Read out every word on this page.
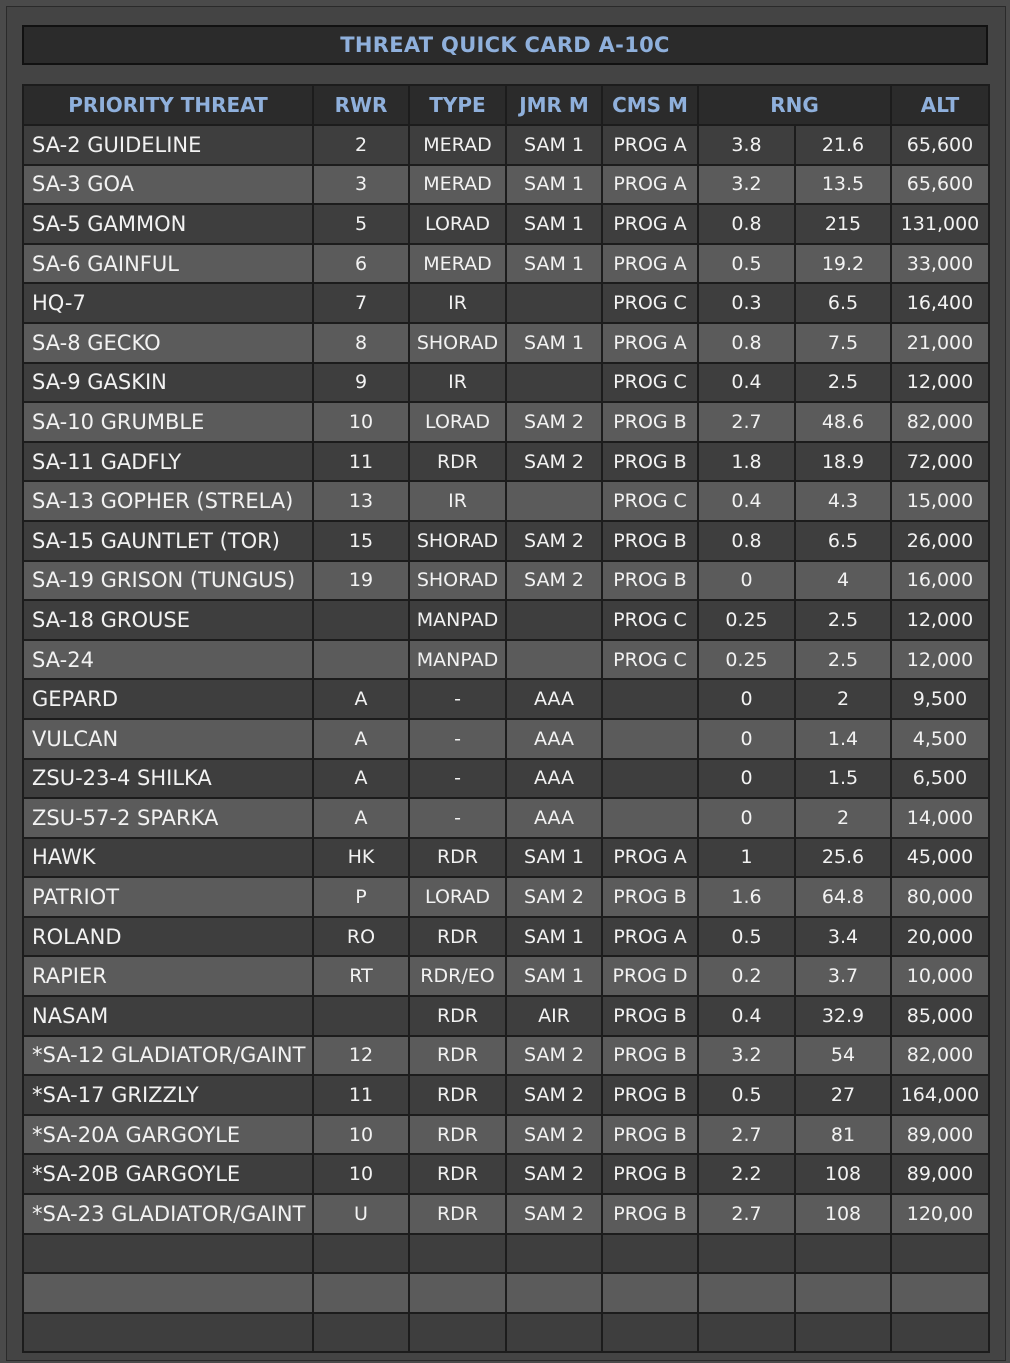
THREAT QUICK CARD A-10C
PRIORITY THREAT	RWR	TYPE	JMR M	CMS M	RNG		ALT
SA-2 GUIDELINE	2	MERAD	SAM 1	PROG A	3.8	21.6	65,600
SA-3 GOA	3	MERAD	SAM 1	PROG A	3.2	13.5	65,600
SA-5 GAMMON	5	LORAD	SAM 1	PROG A	0.8	215	131,000
SA-6 GAINFUL	6	MERAD	SAM 1	PROG A	0.5	19.2	33,000
HQ-7	7	IR		PROG C	0.3	6.5	16,400
SA-8 GECKO	8	SHORAD	SAM 1	PROG A	0.8	7.5	21,000
SA-9 GASKIN	9	IR		PROG C	0.4	2.5	12,000
SA-10 GRUMBLE	10	LORAD	SAM 2	PROG B	2.7	48.6	82,000
SA-11 GADFLY	11	RDR	SAM 2	PROG B	1.8	18.9	72,000
SA-13 GOPHER (STRELA)	13	IR		PROG C	0.4	4.3	15,000
SA-15 GAUNTLET (TOR)	15	SHORAD	SAM 2	PROG B	0.8	6.5	26,000
SA-19 GRISON (TUNGUS)	19	SHORAD	SAM 2	PROG B	0	4	16,000
SA-18 GROUSE		MANPAD		PROG C	0.25	2.5	12,000
SA-24		MANPAD		PROG C	0.25	2.5	12,000
GEPARD	A	-	AAA		0	2	9,500
VULCAN	A	-	AAA		0	1.4	4,500
ZSU-23-4 SHILKA	A	-	AAA		0	1.5	6,500
ZSU-57-2 SPARKA	A	-	AAA		0	2	14,000
HAWK	HK	RDR	SAM 1	PROG A	1	25.6	45,000
PATRIOT	P	LORAD	SAM 2	PROG B	1.6	64.8	80,000
ROLAND	RO	RDR	SAM 1	PROG A	0.5	3.4	20,000
RAPIER	RT	RDR/EO	SAM 1	PROG D	0.2	3.7	10,000
NASAM		RDR	AIR	PROG B	0.4	32.9	85,000
*SA-12 GLADIATOR/GAINT	12	RDR	SAM 2	PROG B	3.2	54	82,000
*SA-17 GRIZZLY	11	RDR	SAM 2	PROG B	0.5	27	164,000
*SA-20A GARGOYLE	10	RDR	SAM 2	PROG B	2.7	81	89,000
*SA-20B GARGOYLE	10	RDR	SAM 2	PROG B	2.2	108	89,000
*SA-23 GLADIATOR/GAINT	U	RDR	SAM 2	PROG B	2.7	108	120,00
